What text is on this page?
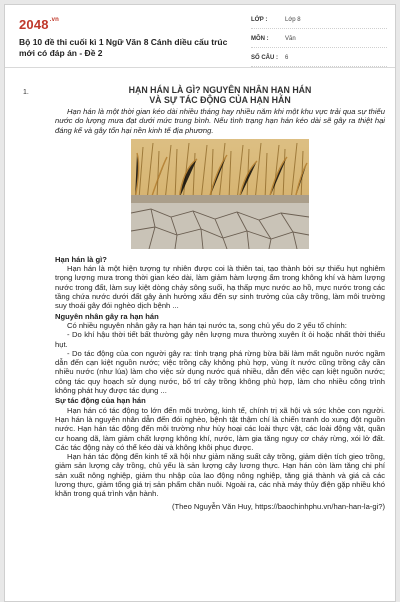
$2048^{.vn}$
Bộ 10 đề thi cuối kì 1 Ngữ Văn 8 Cánh diều cấu trúc mới có đáp án - Đề 2
LỚP :	Lớp 8
MÔN :	Văn
SỐ CÂU :	6
1.	HẠN HÁN LÀ GÌ? NGUYÊN NHÂN HẠN HÁN
VÀ SỰ TÁC ĐỘNG CỦA HẠN HÁN
Hạn hán là một thời gian kéo dài nhiều tháng hay nhiều năm khi một khu vực trải qua sự thiếu nước do lượng mưa đạt dưới mức trung bình. Nếu tình trạng hạn hán kéo dài sẽ gây ra thiệt hại đáng kể và gây tổn hại nền kinh tế địa phương.
Hạn hán là gì?
Hạn hán là một hiện tượng tự nhiên được coi là thiên tai, tạo thành bởi sự thiếu hụt nghiêm trọng lượng mưa trong thời gian kéo dài, làm giảm hàm lượng ẩm trong không khí và hàm lượng nước trong đất, làm suy kiệt dòng chảy sông suối, hạ thấp mực nước ao hồ, mực nước trong các tầng chứa nước dưới đất gây ảnh hưởng xấu đến sự sinh trưởng của cây trồng, làm môi trường suy thoái gây đói nghèo dịch bệnh ...
Nguyên nhân gây ra hạn hán
Có nhiều nguyên nhân gây ra hạn hán tại nước ta, song chủ yếu do 2 yếu tố chính:
- Do khí hậu thời tiết bất thường gây nên lượng mưa thường xuyên ít ỏi hoặc nhất thời thiếu hụt.
- Do tác động của con người gây ra: tình trạng phá rừng bừa bãi làm mất nguồn nước ngầm dẫn đến cạn kiệt nguồn nước; việc trồng cây không phù hợp, vùng ít nước cũng trồng cây cần nhiều nước (như lúa) làm cho việc sử dụng nước quá nhiều, dẫn đến việc cạn kiệt nguồn nước; công tác quy hoạch sử dụng nước, bố trí cây trồng không phù hợp, làm cho nhiều công trình không phát huy được tác dụng ...
Sự tác động của hạn hán
Hạn hán có tác động to lớn đến môi trường, kinh tế, chính trị xã hội và sức khỏe con người. Hạn hán là nguyên nhân dẫn đến đói nghèo, bệnh tật thậm chí là chiến tranh do xung đột nguồn nước. Hạn hán tác động đến môi trường như hủy hoại các loài thực vật, các loài động vật, quần cư hoang dã, làm giảm chất lượng không khí, nước, làm gia tăng nguy cơ cháy rừng, xói lở đất. Các tác động này có thể kéo dài và không khôi phục được.
Hạn hán tác động đến kinh tế xã hội như giảm năng suất cây trồng, giảm diện tích gieo trồng, giảm sản lượng cây trồng, chủ yếu là sản lượng cây lương thực. Hạn hán còn làm tăng chi phí sản xuất nông nghiệp, giảm thu nhập của lao động nông nghiệp, tăng giá thành và giá cả các lương thực, giảm tổng giá trị sản phẩm chăn nuôi. Ngoài ra, các nhà máy thủy điện gặp nhiều khó khăn trong quá trình vận hành.
(Theo Nguyễn Văn Huy, https://baochinhphu.vn/han-han-la-gi?)
